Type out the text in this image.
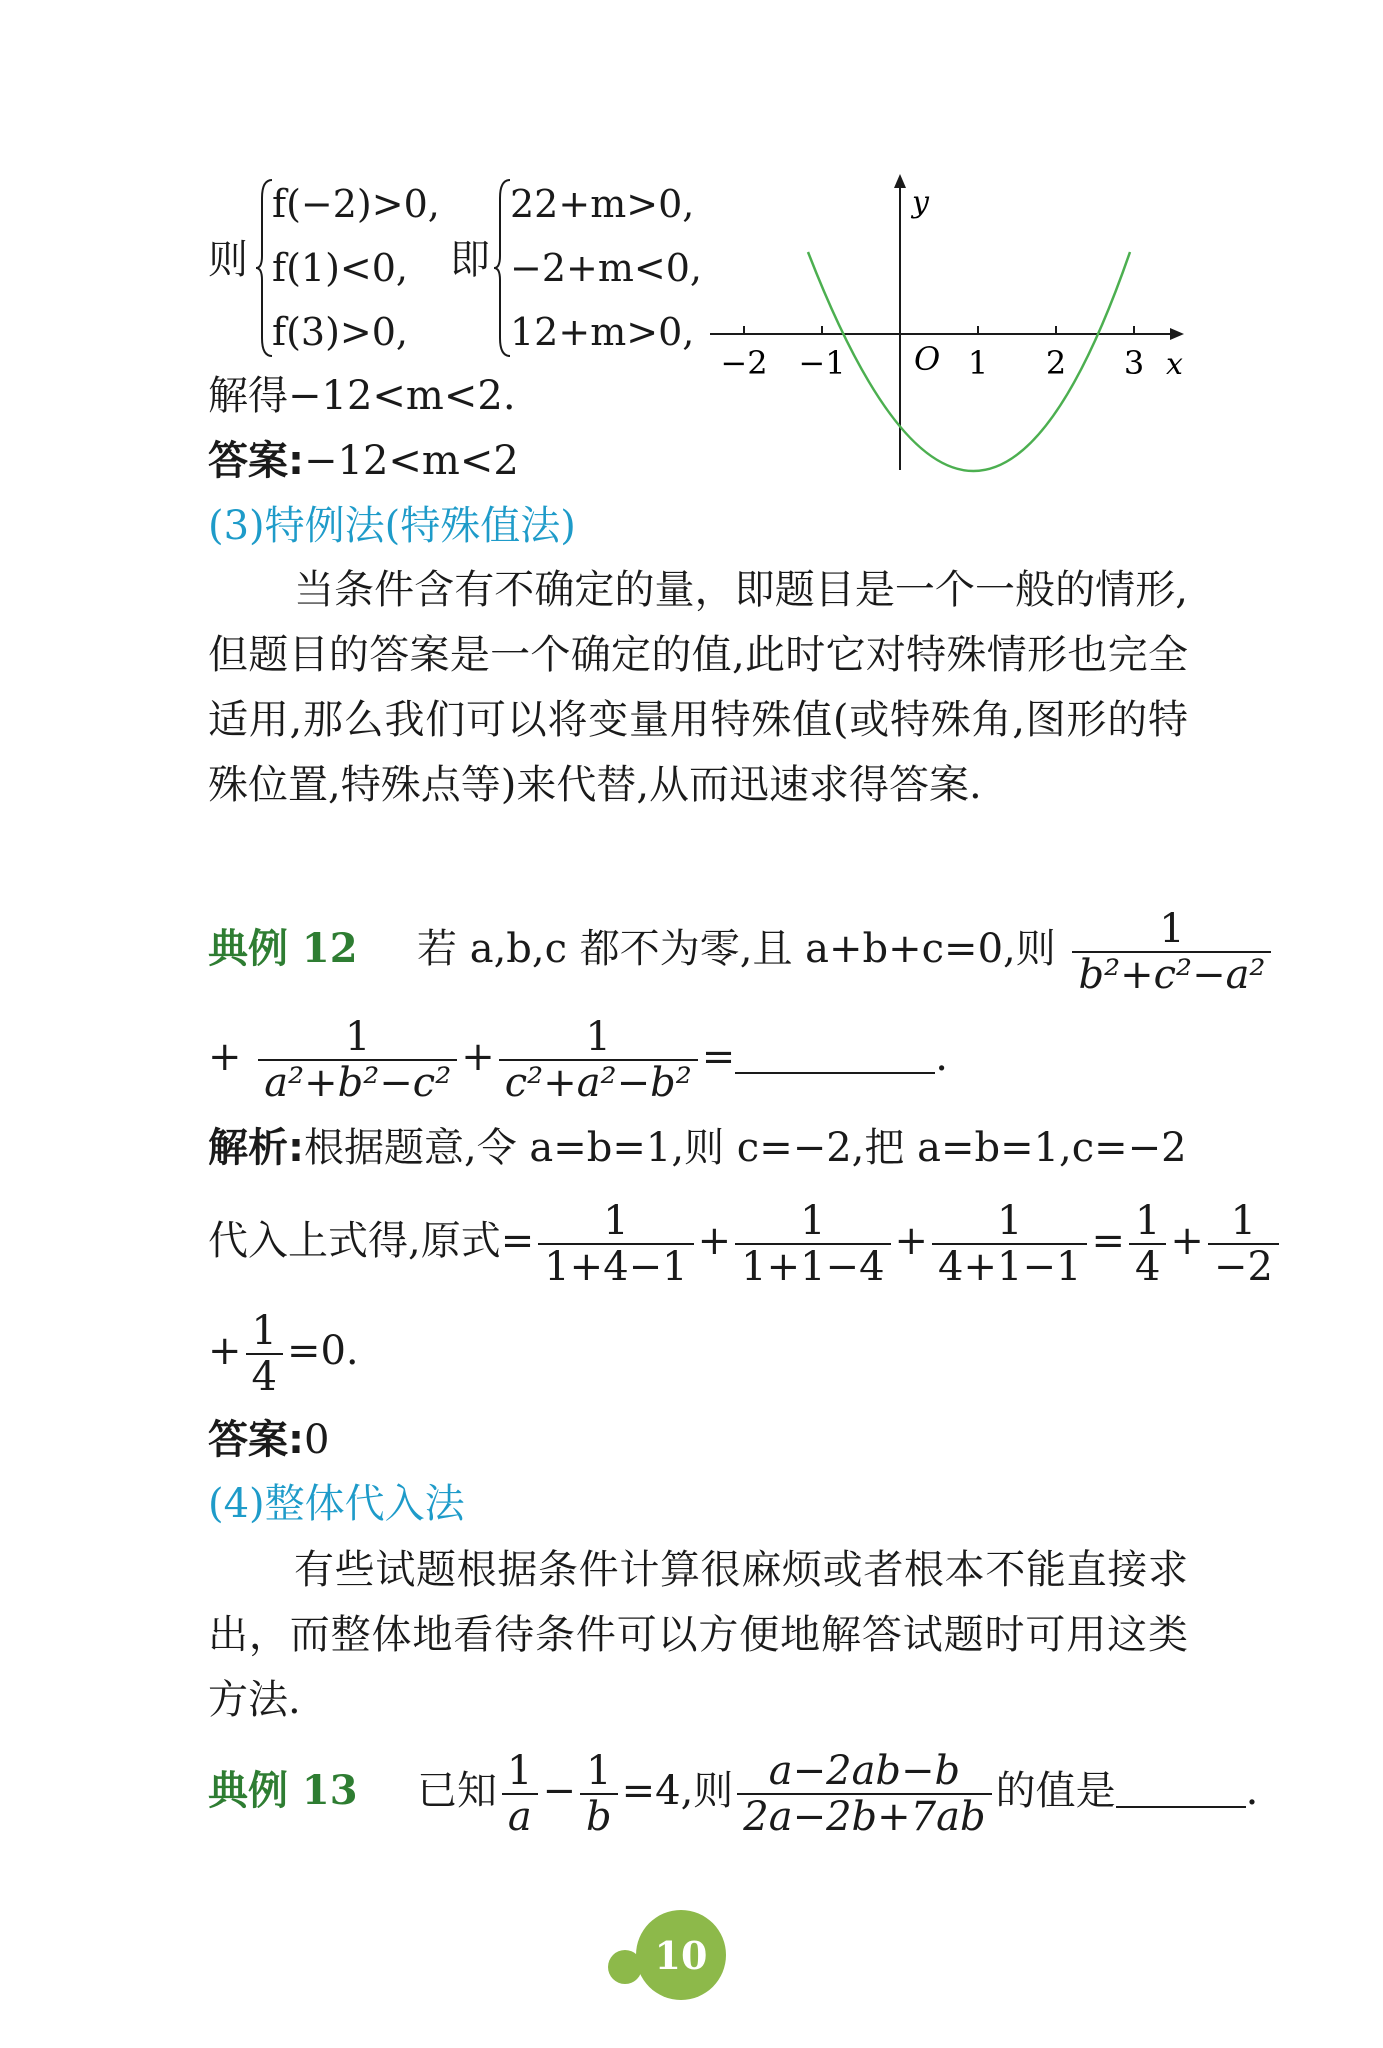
则
f(−2)>0,
f(1)<0,
f(3)>0,
即
22+m>0,
−2+m<0,
12+m>0,
解得−12<m<2.
答案:−12<m<2
−2 −1 O 1 2 3 x
y
(3)特例法(特殊值法)
当条件含有不确定的量，即题目是一个一般的情形,但题目的答案是一个确定的值,此时它对特殊情形也完全适用,那么我们可以将变量用特殊值(或特殊角,图形的特殊位置,特殊点等)来代替,从而迅速求得答案.
典例 12 若 a,b,c 都不为零,且 a+b+c=0,则 $\frac{1}{\text{b²+c²−a²}}$
+ $\frac{1}{\text{a²+b²−c²}} + \frac{1}{\text{c²+a²−b²}}$ =	.
解析:根据题意,令 a=b=1,则 c=−2,把 a=b=1,c=−2
代入上式得,原式= $\frac{1}{1+4-1} + \frac{1}{1+1-4} + \frac{1}{4+1-1} = \frac{1}{4} + \frac{1}{-2}$
+ $\frac{1}{4} =0$.
答案:0
(4)整体代入法
有些试题根据条件计算很麻烦或者根本不能直接求出，而整体地看待条件可以方便地解答试题时可用这类方法.
典例 13 已知 $\frac{1}{a} - \frac{1}{b} =4$,则 $\frac{a-2ab-b}{2a-2b+7ab}$ 的值是	.
10
